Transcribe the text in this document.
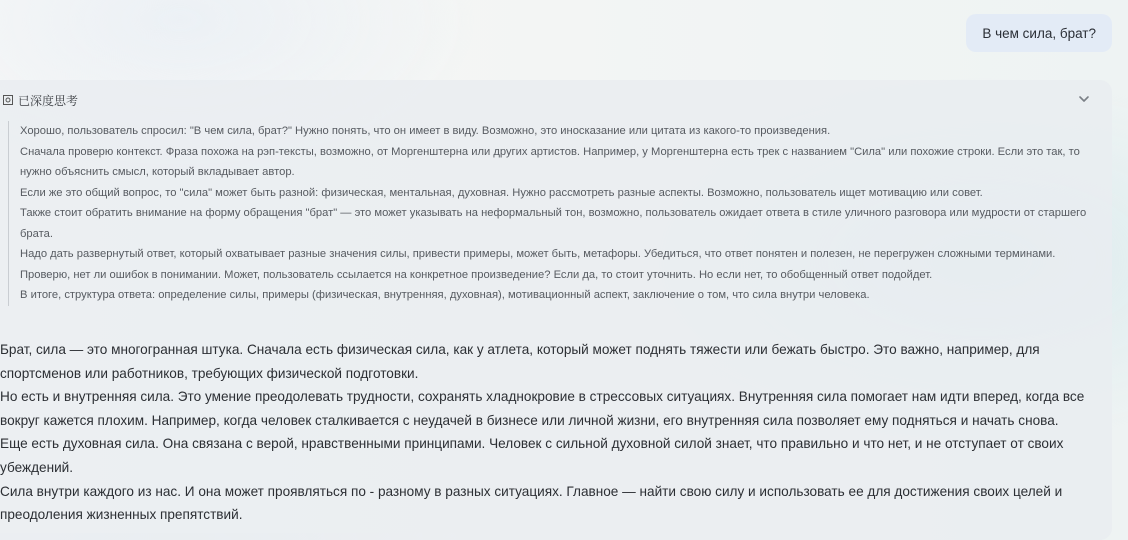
В чем сила, брат?
已深度思考

Хорошо, пользователь спросил: "В чем сила, брат?" Нужно понять, что он имеет в виду. Возможно, это иносказание или цитата из какого-то произведения.

Сначала проверю контекст. Фраза похожа на рэп-тексты, возможно, от Моргенштерна или других артистов. Например, у Моргенштерна есть трек с названием "Сила" или похожие строки. Если это так, то нужно объяснить смысл, который вкладывает автор.

Если же это общий вопрос, то "сила" может быть разной: физическая, ментальная, духовная. Нужно рассмотреть разные аспекты. Возможно, пользователь ищет мотивацию или совет.

Также стоит обратить внимание на форму обращения "брат" — это может указывать на неформальный тон, возможно, пользователь ожидает ответа в стиле уличного разговора или мудрости от старшего брата.

Надо дать развернутый ответ, который охватывает разные значения силы, привести примеры, может быть, метафоры. Убедиться, что ответ понятен и полезен, не перегружен сложными терминами.

Проверю, нет ли ошибок в понимании. Может, пользователь ссылается на конкретное произведение? Если да, то стоит уточнить. Но если нет, то обобщенный ответ подойдет.

В итоге, структура ответа: определение силы, примеры (физическая, внутренняя, духовная), мотивационный аспект, заключение о том, что сила внутри человека.

Брат, сила — это многогранная штука. Сначала есть физическая сила, как у атлета, который может поднять тяжести или бежать быстро. Это важно, например, для спортсменов или работников, требующих физической подготовки.

Но есть и внутренняя сила. Это умение преодолевать трудности, сохранять хладнокровие в стрессовых ситуациях. Внутренняя сила помогает нам идти вперед, когда все вокруг кажется плохим. Например, когда человек сталкивается с неудачей в бизнесе или личной жизни, его внутренняя сила позволяет ему подняться и начать снова.

Еще есть духовная сила. Она связана с верой, нравственными принципами. Человек с сильной духовной силой знает, что правильно и что нет, и не отступает от своих убеждений.

Сила внутри каждого из нас. И она может проявляться по - разному в разных ситуациях. Главное — найти свою силу и использовать ее для достижения своих целей и преодоления жизненных препятствий.
